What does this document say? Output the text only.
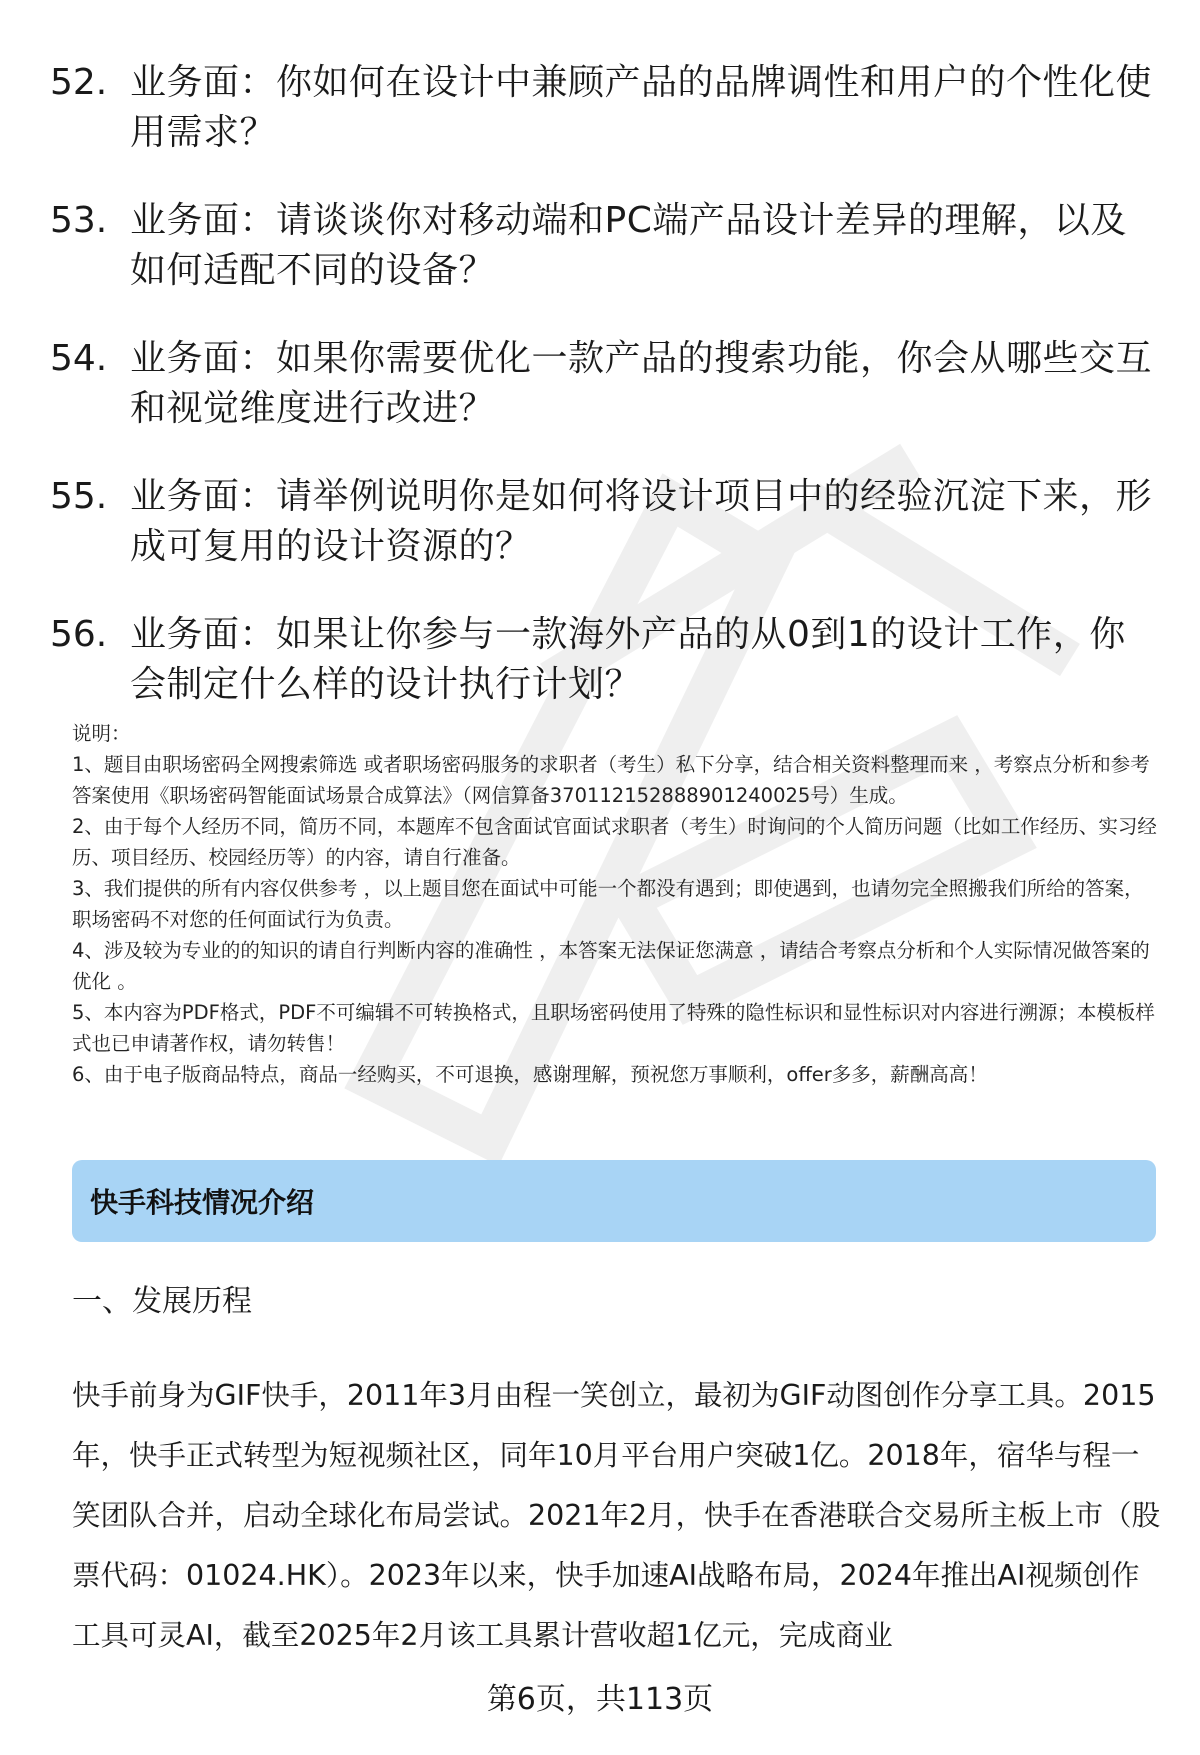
52. 业务面：你如何在设计中兼顾产品的品牌调性和用户的个性化使用需求？
53. 业务面：请谈谈你对移动端和PC端产品设计差异的理解，以及如何适配不同的设备？
54. 业务面：如果你需要优化一款产品的搜索功能，你会从哪些交互和视觉维度进行改进？
55. 业务面：请举例说明你是如何将设计项目中的经验沉淀下来，形成可复用的设计资源的？
56. 业务面：如果让你参与一款海外产品的从0到1的设计工作，你会制定什么样的设计执行计划？

说明：

1、题目由职场密码全网搜索筛选 或者职场密码服务的求职者（考生）私下分享，结合相关资料整理而来 ，考察点分析和参考答案使用《职场密码智能面试场景合成算法》（网信算备370112152888901240025号）生成。

2、由于每个人经历不同，简历不同，本题库不包含面试官面试求职者（考生）时询问的个人简历问题（比如工作经历、实习经历、项目经历、校园经历等）的内容，请自行准备。

3、我们提供的所有内容仅供参考 ，以上题目您在面试中可能一个都没有遇到；即使遇到，也请勿完全照搬我们所给的答案，职场密码不对您的任何面试行为负责。

4、涉及较为专业的的知识的请自行判断内容的准确性 ，本答案无法保证您满意 ，请结合考察点分析和个人实际情况做答案的优化 。

5、本内容为PDF格式，PDF不可编辑不可转换格式，且职场密码使用了特殊的隐性标识和显性标识对内容进行溯源；本模板样式也已申请著作权，请勿转售！

6、由于电子版商品特点，商品一经购买，不可退换，感谢理解，预祝您万事顺利，offer多多，薪酬高高！

快手科技情况介绍
一、发展历程
快手前身为GIF快手，2011年3月由程一笑创立，最初为GIF动图创作分享工具。2015年，快手正式转型为短视频社区，同年10月平台用户突破1亿。2018年，宿华与程一笑团队合并，启动全球化布局尝试。2021年2月，快手在香港联合交易所主板上市（股票代码：01024.HK）。2023年以来，快手加速AI战略布局，2024年推出AI视频创作工具可灵AI，截至2025年2月该工具累计营收超1亿元，完成商业
第6页，共113页
